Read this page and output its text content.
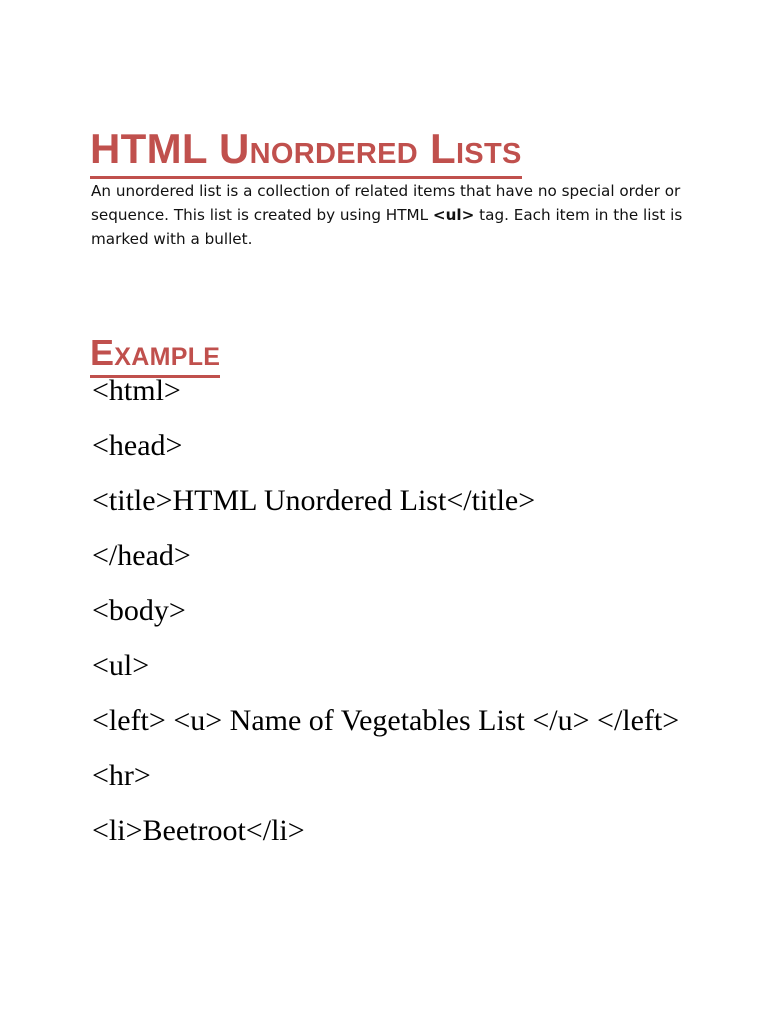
HTML Unordered Lists

An unordered list is a collection of related items that have no special order or sequence. This list is created by using HTML <ul> tag. Each item in the list is marked with a bullet.

Example
<html>
<head>
<title>HTML Unordered List</title>
</head>
<body>
<ul>
<left> <u> Name of Vegetables List </u> </left>
<hr>
<li>Beetroot</li>
